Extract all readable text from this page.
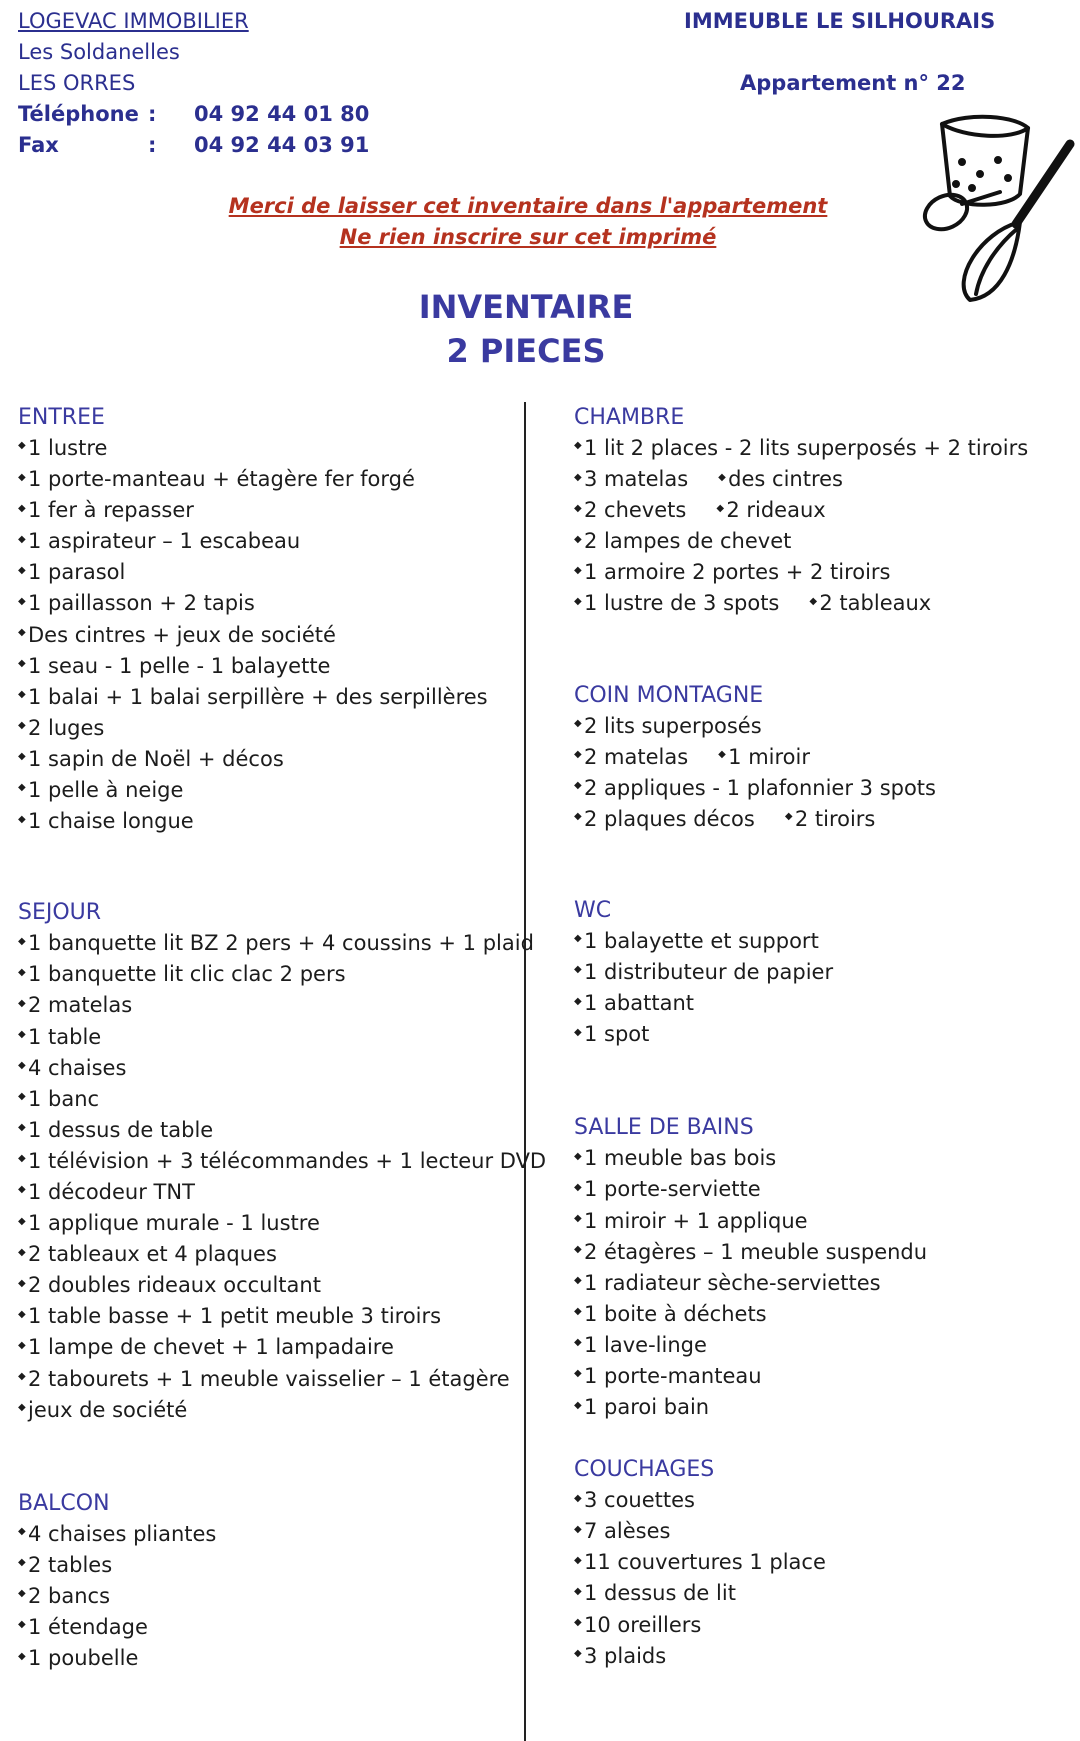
LOGEVAC IMMOBILIER
Les Soldanelles
LES ORRES
Téléphone : 04 92 44 01 80
Fax	: 04 92 44 03 91
IMMEUBLE LE SILHOURAIS
Appartement n° 22
Merci de laisser cet inventaire dans l'appartement
Ne rien inscrire sur cet imprimé
INVENTAIRE
2 PIECES
ENTREE
◆ 1 lustre
◆ 1 porte-manteau + étagère fer forgé
◆ 1 fer à repasser
◆ 1 aspirateur – 1 escabeau
◆ 1 parasol
◆ 1 paillasson + 2 tapis
◆ Des cintres + jeux de société
◆ 1 seau - 1 pelle - 1 balayette
◆ 1 balai + 1 balai serpillère + des serpillères
◆ 2 luges
◆ 1 sapin de Noël + décos
◆ 1 pelle à neige
◆ 1 chaise longue
SEJOUR
◆ 1 banquette lit BZ 2 pers + 4 coussins + 1 plaid
◆ 1 banquette lit clic clac 2 pers
◆ 2 matelas
◆ 1 table
◆ 4 chaises
◆ 1 banc
◆ 1 dessus de table
◆ 1 télévision + 3 télécommandes + 1 lecteur DVD
◆ 1 décodeur TNT
◆ 1 applique murale - 1 lustre
◆ 2 tableaux et 4 plaques
◆ 2 doubles rideaux occultant
◆ 1 table basse + 1 petit meuble 3 tiroirs
◆ 1 lampe de chevet + 1 lampadaire
◆ 2 tabourets + 1 meuble vaisselier – 1 étagère
◆ jeux de société
BALCON
◆ 4 chaises pliantes
◆ 2 tables
◆ 2 bancs
◆ 1 étendage
◆ 1 poubelle
CHAMBRE
◆ 1 lit 2 places - 2 lits superposés + 2 tiroirs
◆ 3 matelas	◆ des cintres
◆ 2 chevets	◆ 2 rideaux
◆ 2 lampes de chevet
◆ 1 armoire 2 portes + 2 tiroirs
◆ 1 lustre de 3 spots	◆ 2 tableaux
COIN MONTAGNE
◆ 2 lits superposés
◆ 2 matelas	◆ 1 miroir
◆ 2 appliques - 1 plafonnier 3 spots
◆ 2 plaques décos	◆ 2 tiroirs
WC
◆ 1 balayette et support
◆ 1 distributeur de papier
◆ 1 abattant
◆ 1 spot
SALLE DE BAINS
◆ 1 meuble bas bois
◆ 1 porte-serviette
◆ 1 miroir + 1 applique
◆ 2 étagères – 1 meuble suspendu
◆ 1 radiateur sèche-serviettes
◆ 1 boite à déchets
◆ 1 lave-linge
◆ 1 porte-manteau
◆ 1 paroi bain
COUCHAGES
◆ 3 couettes
◆ 7 alèses
◆ 11 couvertures 1 place
◆ 1 dessus de lit
◆ 10 oreillers
◆ 3 plaids
